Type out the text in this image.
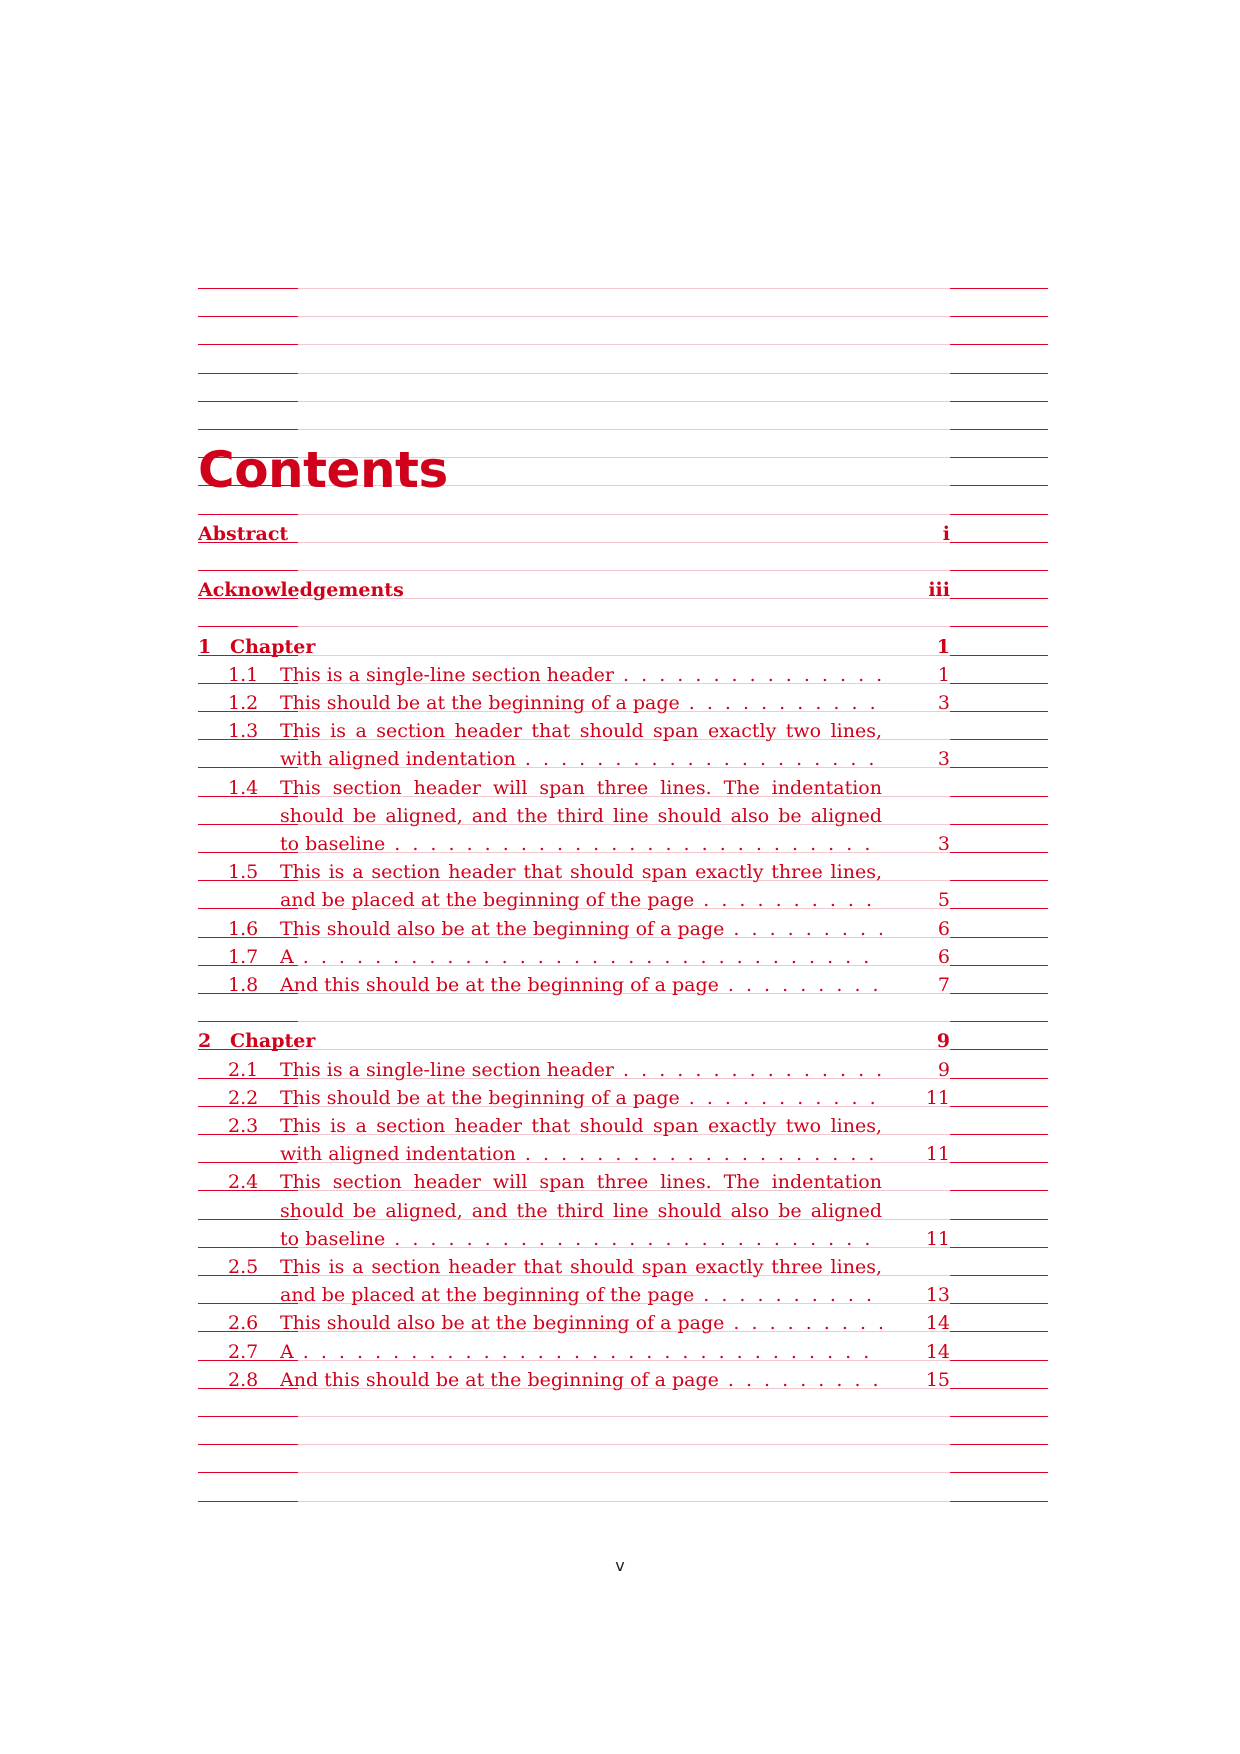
Contents
Abstract	i
Acknowledgements	iii
1 Chapter	1
1.1 This is a single-line section header . . .	1
1.2 This should be at the beginning of a page . . .	3
1.3 This is a section header that should span exactly two lines,
with aligned indentation . . .	3
1.4 This section header will span three lines. The indentation
should be aligned, and the third line should also be aligned
to baseline . . .	3
1.5 This is a section header that should span exactly three lines,
and be placed at the beginning of the page . . .	5
1.6 This should also be at the beginning of a page . . .	6
1.7 A . . .	6
1.8 And this should be at the beginning of a page . . .	7
2 Chapter	9
2.1 This is a single-line section header . . .	9
2.2 This should be at the beginning of a page . . .	11
2.3 This is a section header that should span exactly two lines,
with aligned indentation . . .	11
2.4 This section header will span three lines. The indentation
should be aligned, and the third line should also be aligned
to baseline . . .	11
2.5 This is a section header that should span exactly three lines,
and be placed at the beginning of the page . . .	13
2.6 This should also be at the beginning of a page . . .	14
2.7 A . . .	14
2.8 And this should be at the beginning of a page . . .	15
v
